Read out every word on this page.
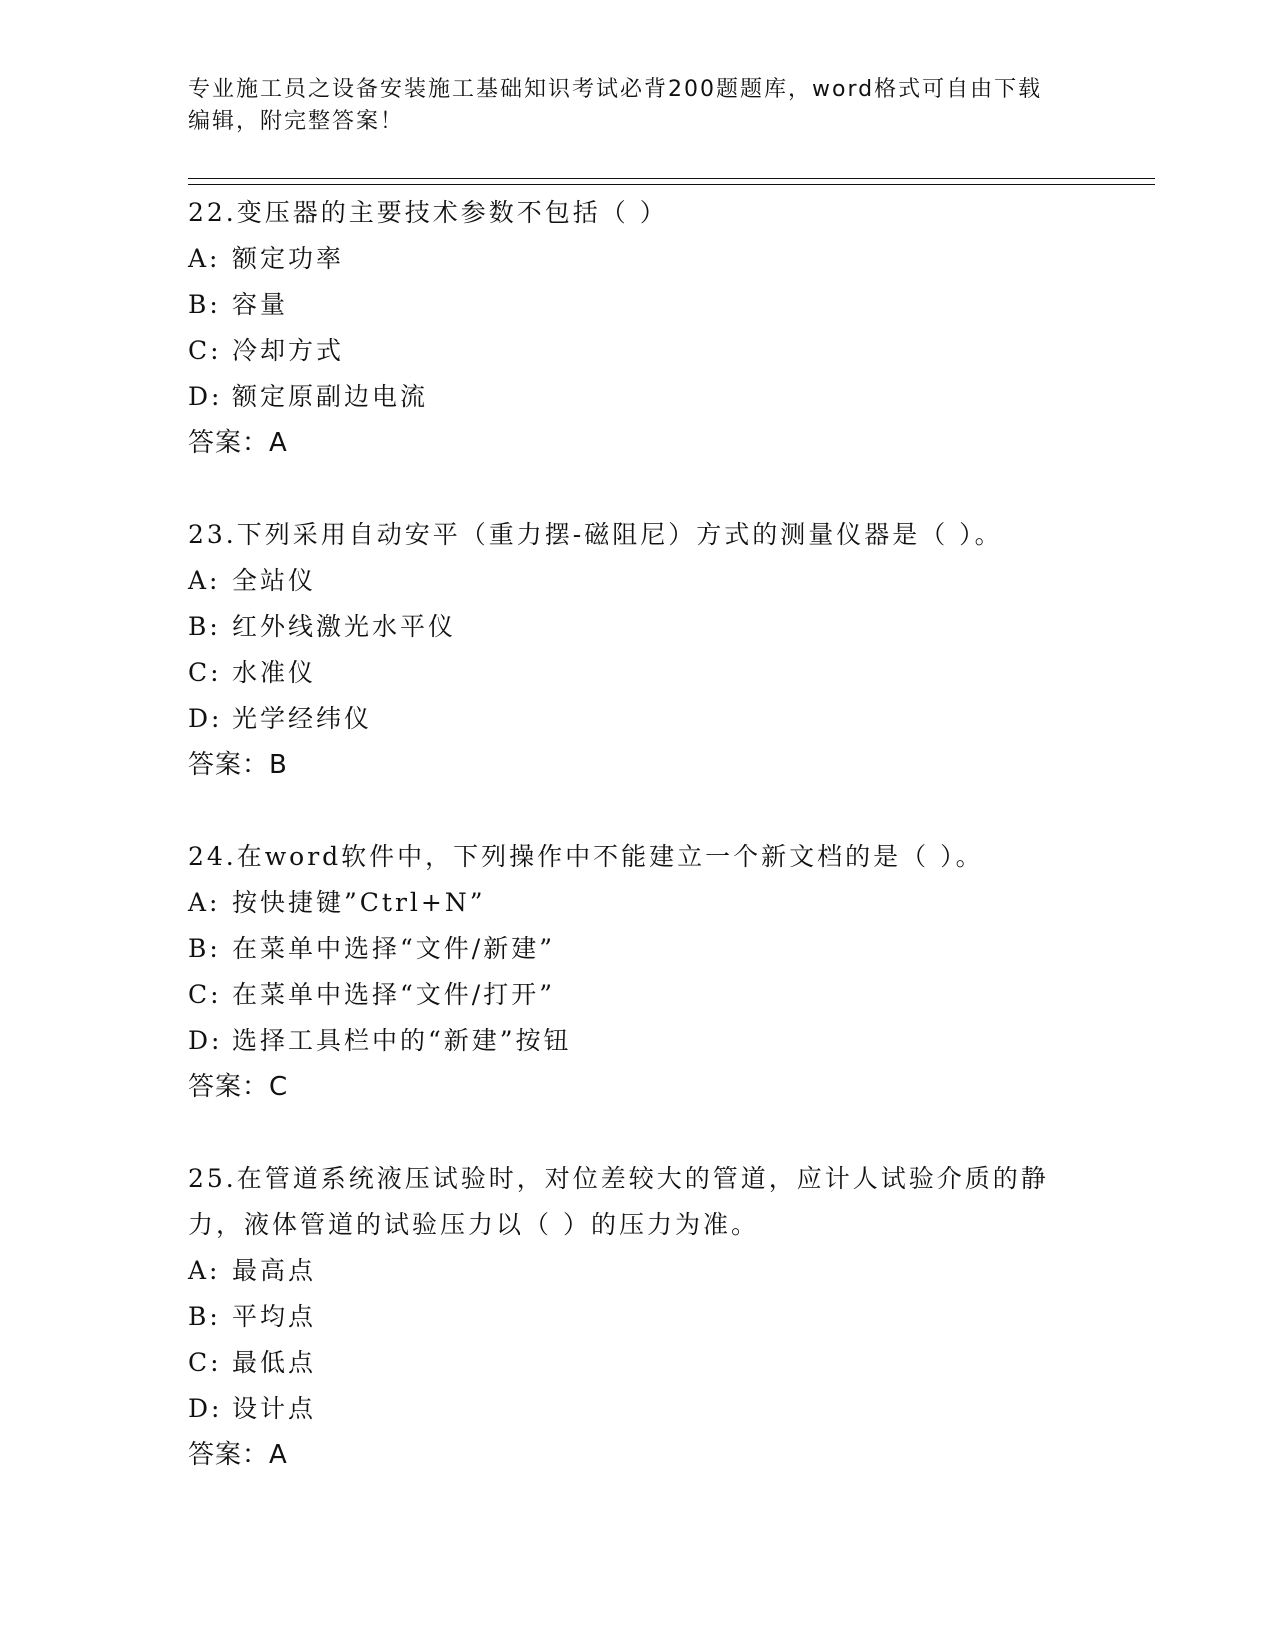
专业施工员之设备安装施工基础知识考试必背200题题库，word格式可自由下载
编辑，附完整答案！

22.变压器的主要技术参数不包括（ ）

A: 额定功率

B: 容量

C: 冷却方式

D: 额定原副边电流

答案：A

23.下列采用自动安平（重力摆-磁阻尼）方式的测量仪器是（ ）。

A: 全站仪

B: 红外线激光水平仪

C: 水准仪

D: 光学经纬仪

答案：B

24.在word软件中，下列操作中不能建立一个新文档的是（ ）。

A: 按快捷键”Ctrl+N”

B: 在菜单中选择“文件/新建”

C: 在菜单中选择“文件/打开”

D: 选择工具栏中的“新建”按钮

答案：C

25.在管道系统液压试验时，对位差较大的管道，应计人试验介质的静力，液体管道的试验压力以（ ）的压力为准。

A: 最高点

B: 平均点

C: 最低点

D: 设计点

答案：A
